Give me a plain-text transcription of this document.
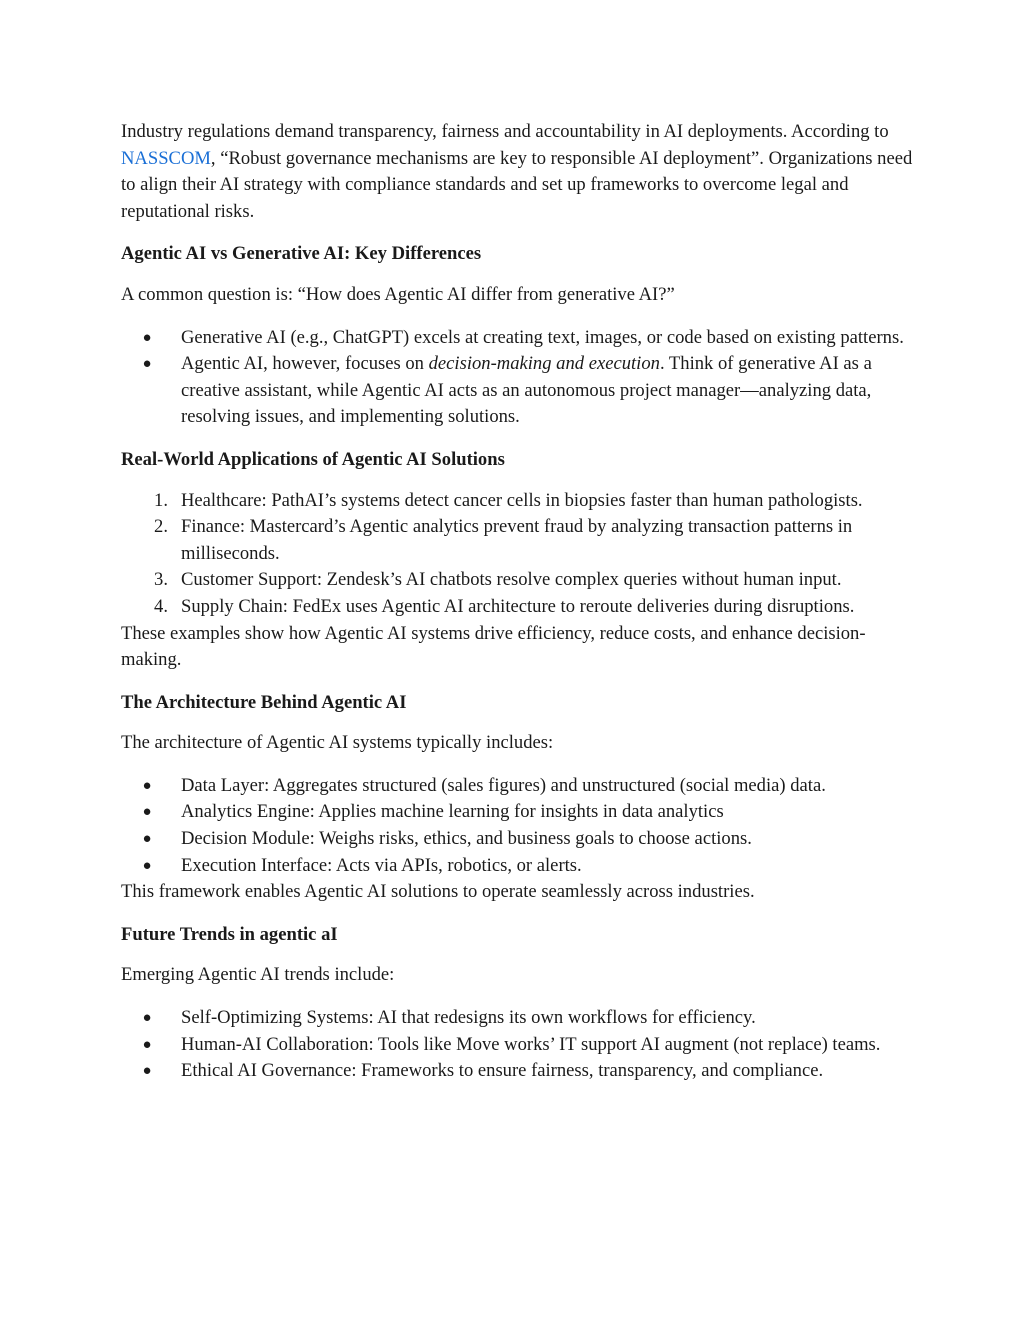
Industry regulations demand transparency, fairness and accountability in AI deployments. According to NASSCOM, “Robust governance mechanisms are key to responsible AI deployment”. Organizations need to align their AI strategy with compliance standards and set up frameworks to overcome legal and reputational risks.

Agentic AI vs Generative AI: Key Differences

A common question is: “How does Agentic AI differ from generative AI?”

● Generative AI (e.g., ChatGPT) excels at creating text, images, or code based on existing patterns.
● Agentic AI, however, focuses on decision-making and execution. Think of generative AI as a creative assistant, while Agentic AI acts as an autonomous project manager—analyzing data, resolving issues, and implementing solutions.

Real-World Applications of Agentic AI Solutions

1. Healthcare: PathAI’s systems detect cancer cells in biopsies faster than human pathologists.
2. Finance: Mastercard’s Agentic analytics prevent fraud by analyzing transaction patterns in milliseconds.
3. Customer Support: Zendesk’s AI chatbots resolve complex queries without human input.
4. Supply Chain: FedEx uses Agentic AI architecture to reroute deliveries during disruptions.

These examples show how Agentic AI systems drive efficiency, reduce costs, and enhance decision-making.

The Architecture Behind Agentic AI

The architecture of Agentic AI systems typically includes:

● Data Layer: Aggregates structured (sales figures) and unstructured (social media) data.
● Analytics Engine: Applies machine learning for insights in data analytics
● Decision Module: Weighs risks, ethics, and business goals to choose actions.
● Execution Interface: Acts via APIs, robotics, or alerts.

This framework enables Agentic AI solutions to operate seamlessly across industries.

Future Trends in agentic aI

Emerging Agentic AI trends include:

● Self-Optimizing Systems: AI that redesigns its own workflows for efficiency.
● Human-AI Collaboration: Tools like Move works’ IT support AI augment (not replace) teams.
● Ethical AI Governance: Frameworks to ensure fairness, transparency, and compliance.
